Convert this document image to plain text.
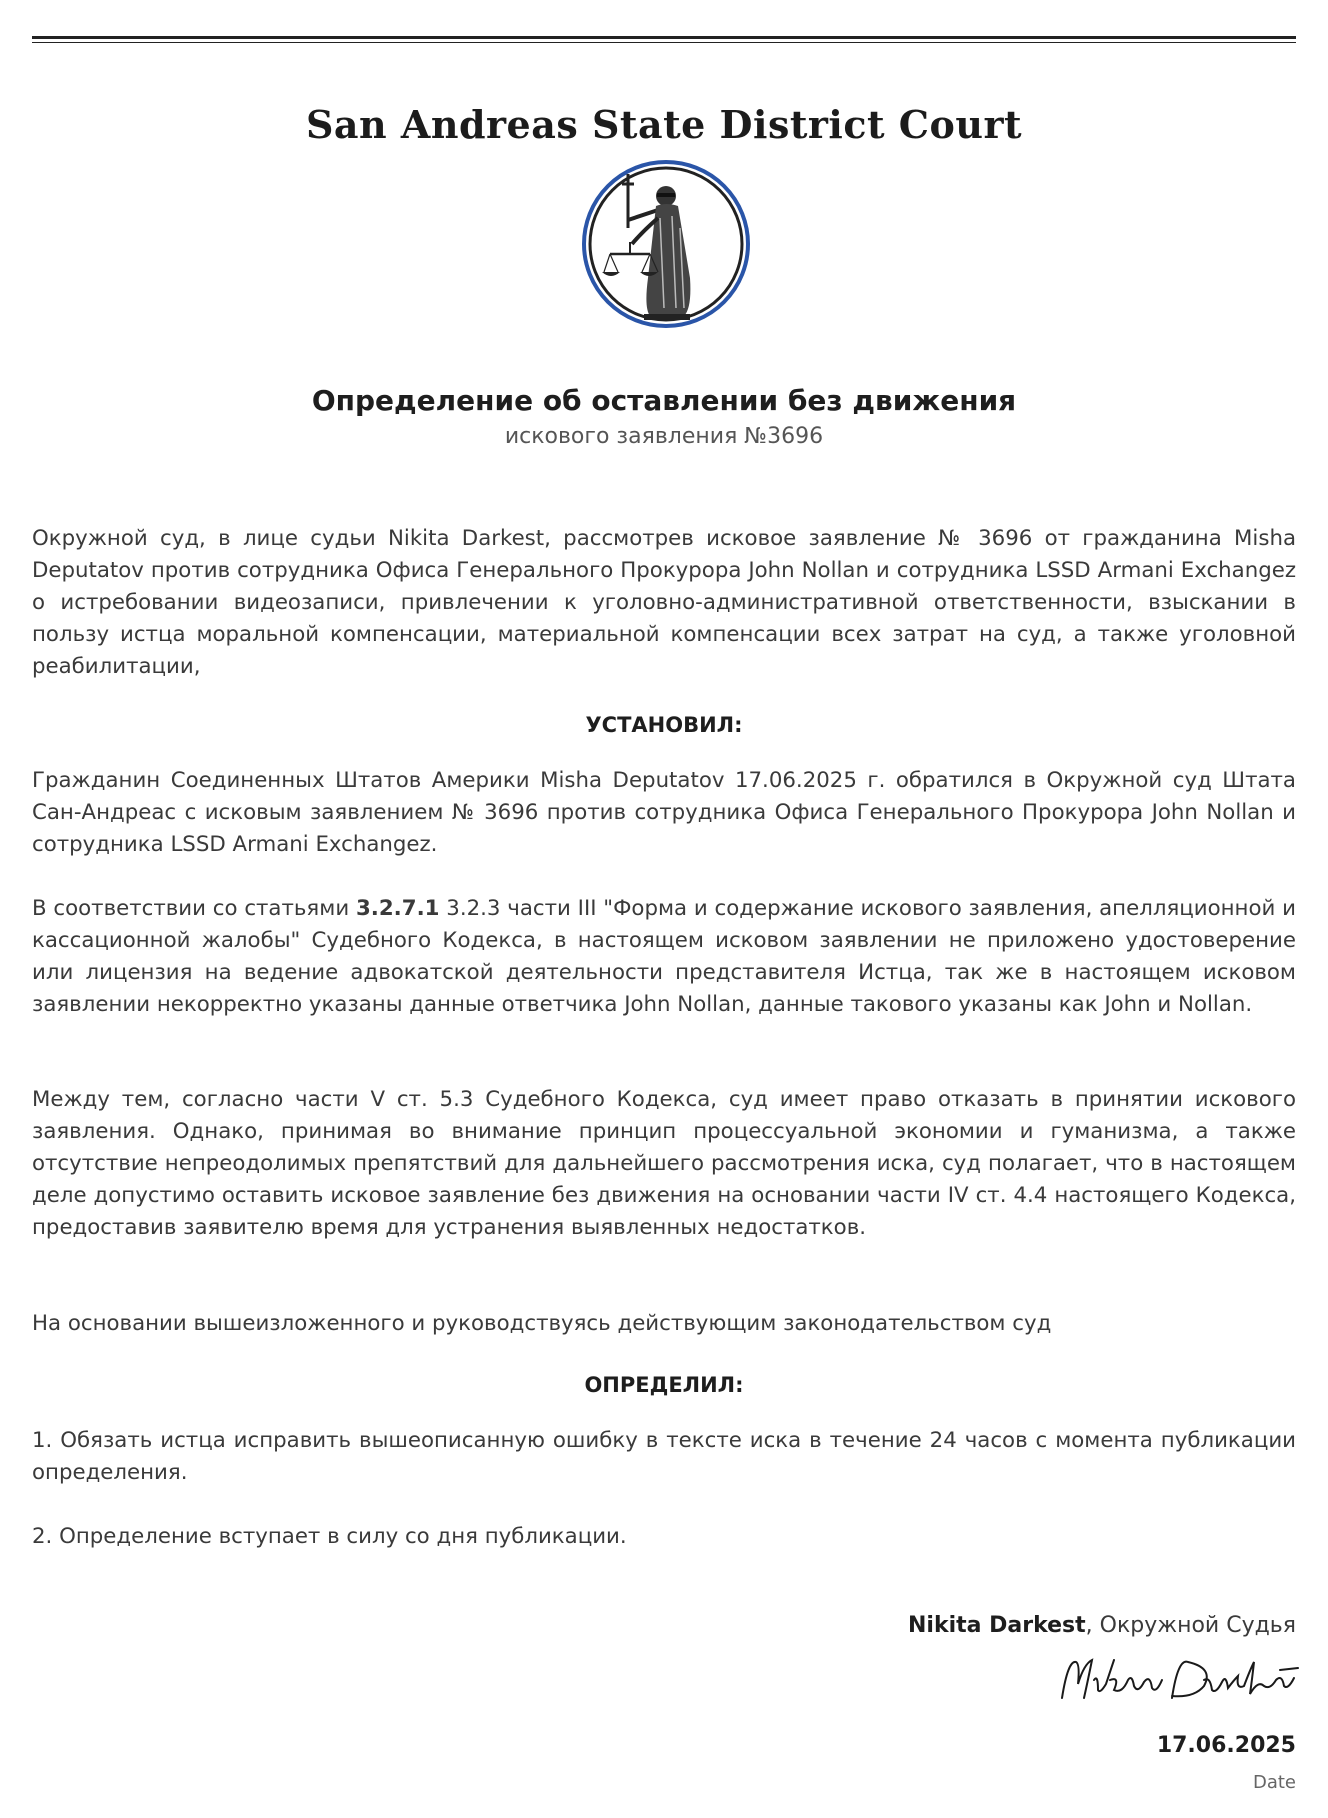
San Andreas State District Court
Определение об оставлении без движения
искового заявления №3696

Окружной суд, в лице судьи Nikita Darkest, рассмотрев исковое заявление № 3696 от гражданина Misha Deputatov против сотрудника Офиса Генерального Прокурора John Nollan и сотрудника LSSD Armani Exchangez о истребовании видеозаписи, привлечении к уголовно-административной ответственности, взыскании в пользу истца моральной компенсации, материальной компенсации всех затрат на суд, а также уголовной реабилитации,

УСТАНОВИЛ:

Гражданин Соединенных Штатов Америки Misha Deputatov 17.06.2025 г. обратился в Окружной суд Штата Сан-Андреас с исковым заявлением № 3696 против сотрудника Офиса Генерального Прокурора John Nollan и сотрудника LSSD Armani Exchangez.

В соответствии со статьями 3.2.7.1 3.2.3 части III "Форма и содержание искового заявления, апелляционной и кассационной жалобы" Судебного Кодекса, в настоящем исковом заявлении не приложено удостоверение или лицензия на ведение адвокатской деятельности представителя Истца, так же в настоящем исковом заявлении некорректно указаны данные ответчика John Nollan, данные такового указаны как John и Nollan.

Между тем, согласно части V ст. 5.3 Судебного Кодекса, суд имеет право отказать в принятии искового заявления. Однако, принимая во внимание принцип процессуальной экономии и гуманизма, а также отсутствие непреодолимых препятствий для дальнейшего рассмотрения иска, суд полагает, что в настоящем деле допустимо оставить исковое заявление без движения на основании части IV ст. 4.4 настоящего Кодекса, предоставив заявителю время для устранения выявленных недостатков.

На основании вышеизложенного и руководствуясь действующим законодательством суд

ОПРЕДЕЛИЛ:

1. Обязать истца исправить вышеописанную ошибку в тексте иска в течение 24 часов с момента публикации определения.

2. Определение вступает в силу со дня публикации.

Nikita Darkest, Окружной Судья
17.06.2025
Date
